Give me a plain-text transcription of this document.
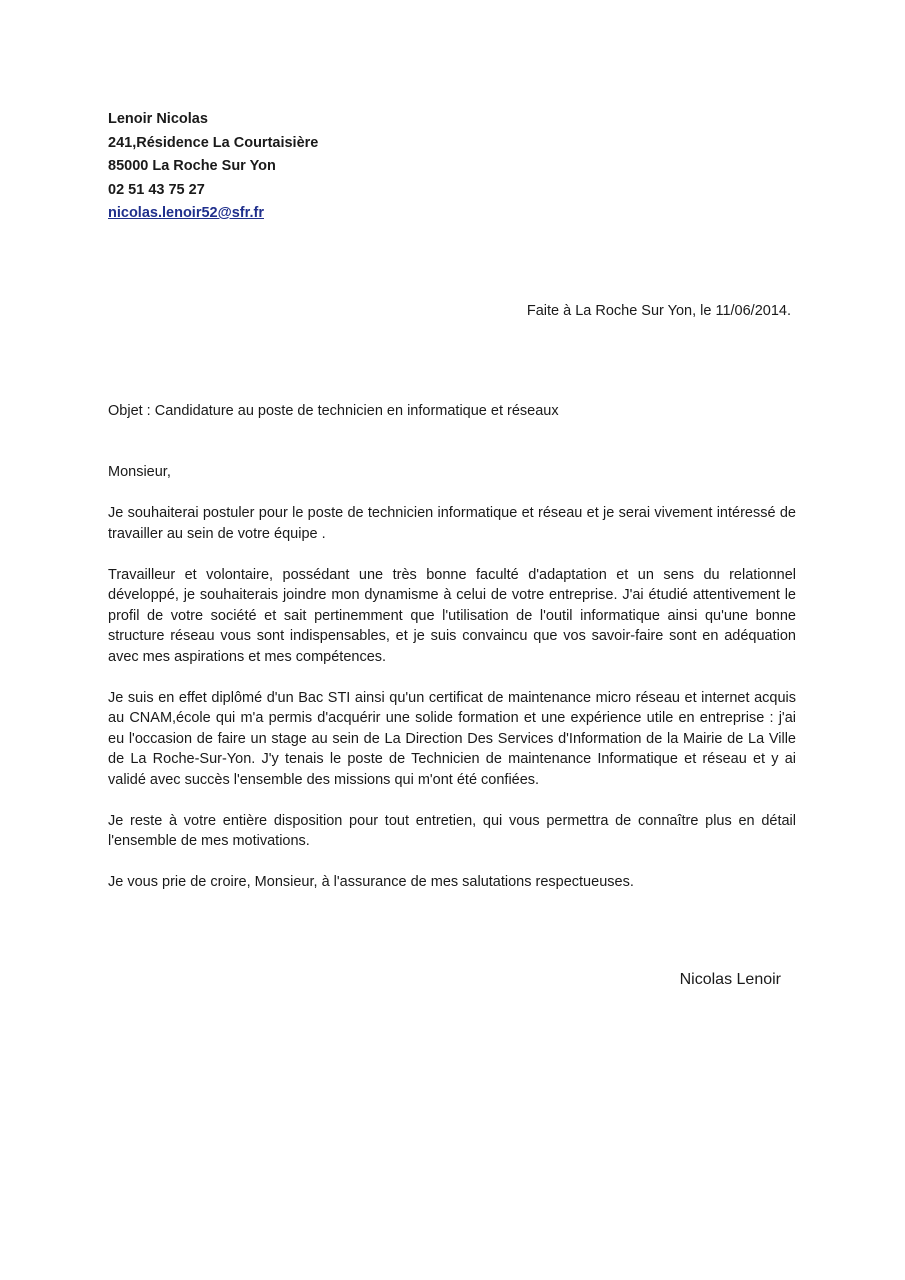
Lenoir Nicolas
241,Résidence La Courtaisière
85000 La Roche Sur Yon
02 51 43 75 27
nicolas.lenoir52@sfr.fr
Faite à La Roche Sur Yon, le 11/06/2014.
Objet : Candidature au poste de technicien en informatique et réseaux

Monsieur,

Je souhaiterai postuler pour le poste de technicien informatique et réseau et je serai vivement intéressé de travailler au sein de votre équipe .

Travailleur et volontaire, possédant une très bonne faculté d'adaptation et un sens du relationnel développé, je souhaiterais joindre mon dynamisme à celui de votre entreprise. J'ai étudié attentivement le profil de votre société et sait pertinemment que l'utilisation de l'outil informatique ainsi qu'une bonne structure réseau vous sont indispensables, et je suis convaincu que vos savoir-faire sont en adéquation avec mes aspirations et mes compétences.

Je suis en effet diplômé d'un Bac STI ainsi qu'un certificat de maintenance micro réseau et internet acquis au CNAM,école qui m'a permis d'acquérir une solide formation et une expérience utile en entreprise : j'ai eu l'occasion de faire un stage au sein de La Direction Des Services d'Information de la Mairie de La Ville de La Roche-Sur-Yon. J'y tenais le poste de Technicien de maintenance Informatique et réseau et y ai validé avec succès l'ensemble des missions qui m'ont été confiées.

Je reste à votre entière disposition pour tout entretien, qui vous permettra de connaître plus en détail l'ensemble de mes motivations.

Je vous prie de croire, Monsieur, à l'assurance de mes salutations respectueuses.

Nicolas Lenoir
